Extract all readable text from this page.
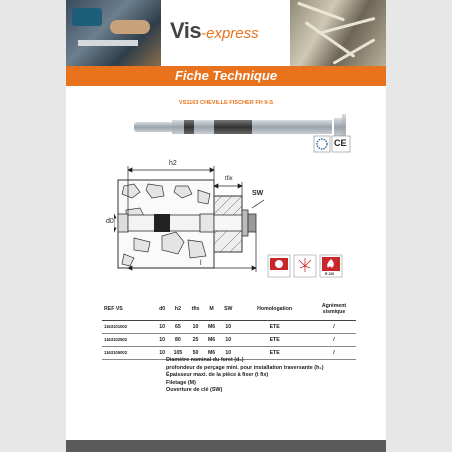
Vis-express
Fiche Technique
VS1163 CHEVILLE FISCHER FH II-S
CE
h2
tfix
SW
d0
l
Sismique C2
R 120
REF VS	d0	h2	tfix	M	SW	Homologation	Agrément sismique
1163101002	10	65	10	M6	10	ETE	/
1163102502	10	80	25	M6	10	ETE	/
1163105002	10	105	50	M6	10	ETE	/
Diamètre nominal du foret (d₀)
profondeur de perçage mini. pour installation traversante (h₂)
Épaisseur maxi. de la pièce à fixer (t fix)
Filetage (M)
Ouverture de clé (SW)
